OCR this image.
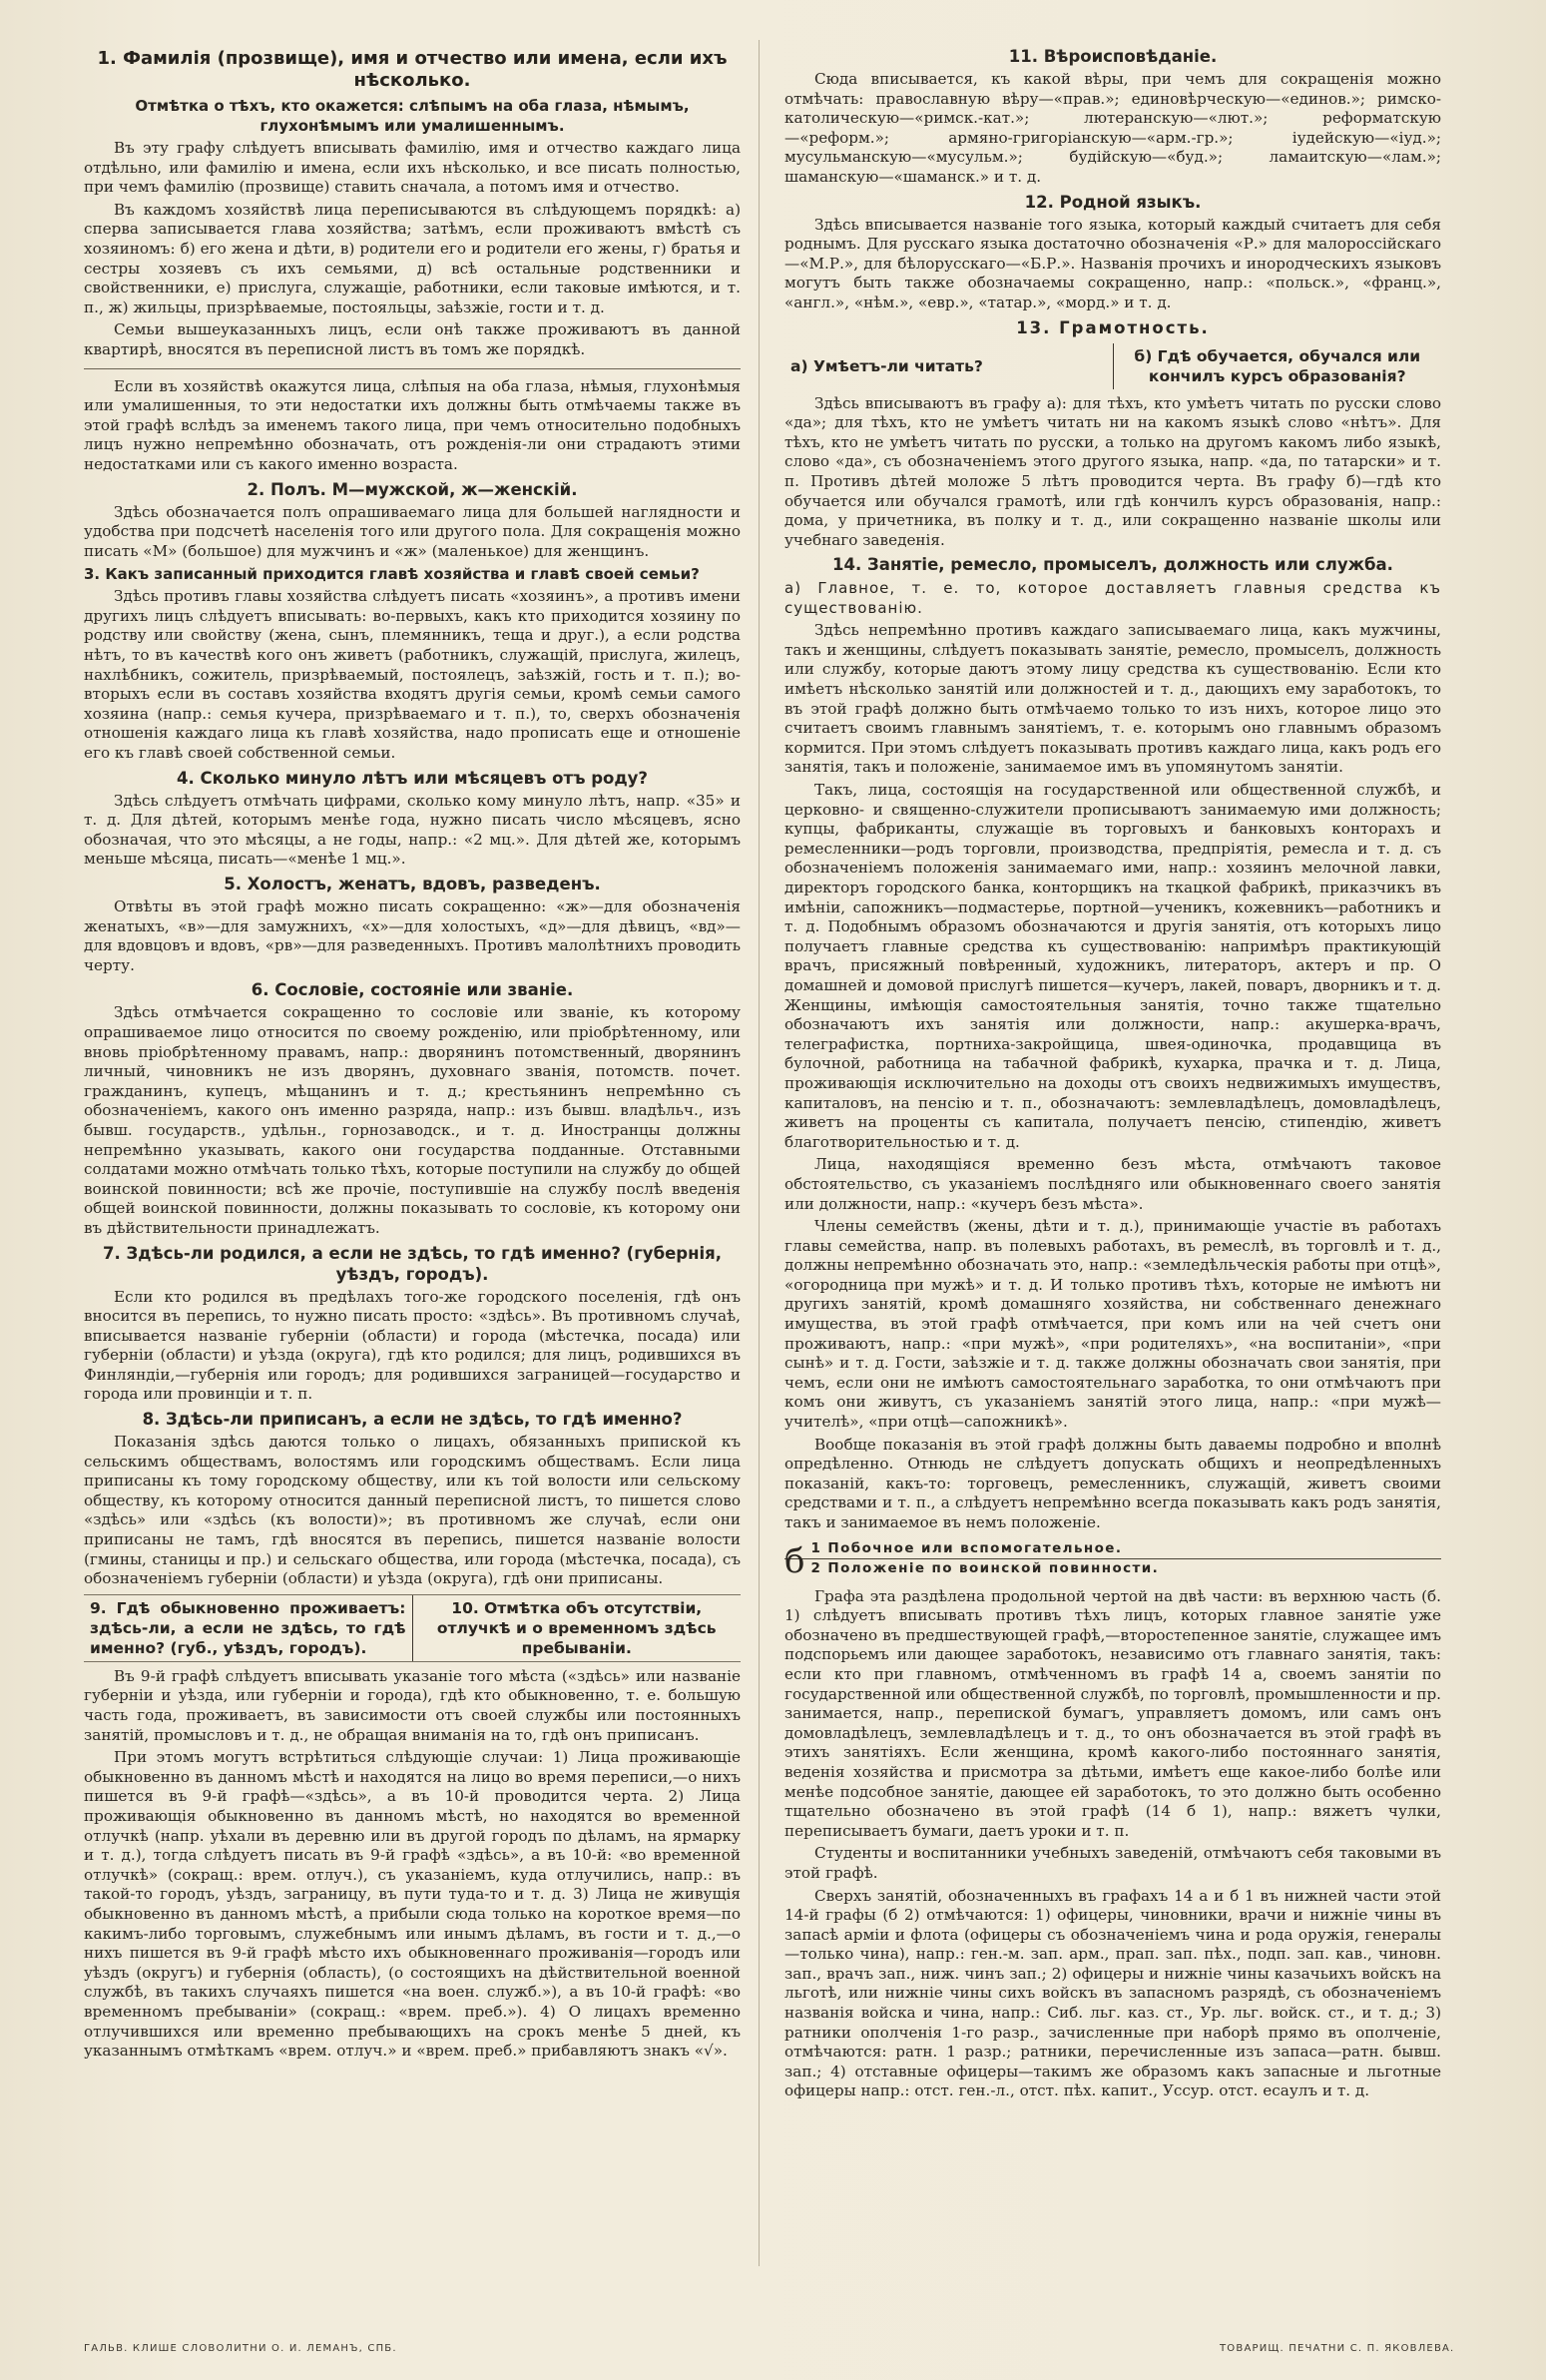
1. Фамилія (прозвище), имя и отчество или имена, если ихъ нѣсколько.
Отмѣтка о тѣхъ, кто окажется: слѣпымъ на оба глаза, нѣмымъ, глухонѣмымъ или умалишеннымъ.

Въ эту графу слѣдуетъ вписывать фамилію, имя и отчество каждаго лица отдѣльно, или фамилію и имена, если ихъ нѣсколько, и все писать полностью, при чемъ фамилію (прозвище) ставить сначала, а потомъ имя и отчество.

Въ каждомъ хозяйствѣ лица переписываются въ слѣдующемъ порядкѣ: а) сперва записывается глава хозяйства; затѣмъ, если проживаютъ вмѣстѣ съ хозяиномъ: б) его жена и дѣти, в) родители его и родители его жены, г) братья и сестры хозяевъ съ ихъ семьями, д) всѣ остальные родственники и свойственники, е) прислуга, служащіе, работники, если таковые имѣются, и т. п., ж) жильцы, призрѣваемые, постояльцы, заѣзжіе, гости и т. д.

Семьи вышеуказанныхъ лицъ, если онѣ также проживаютъ въ данной квартирѣ, вносятся въ переписной листъ въ томъ же порядкѣ.

Если въ хозяйствѣ окажутся лица, слѣпыя на оба глаза, нѣмыя, глухонѣмыя или умалишенныя, то эти недостатки ихъ должны быть отмѣчаемы также въ этой графѣ вслѣдъ за именемъ такого лица, при чемъ относительно подобныхъ лицъ нужно непремѣнно обозначать, отъ рожденія-ли они страдаютъ этими недостатками или съ какого именно возраста.

2. Полъ. М—мужской, ж—женскій.

Здѣсь обозначается полъ опрашиваемаго лица для большей наглядности и удобства при подсчетѣ населенія того или другого пола. Для сокращенія можно писать «М» (большое) для мужчинъ и «ж» (маленькое) для женщинъ.

3. Какъ записанный приходится главѣ хозяйства и главѣ своей семьи?

Здѣсь противъ главы хозяйства слѣдуетъ писать «хозяинъ», а противъ имени другихъ лицъ слѣдуетъ вписывать: во-первыхъ, какъ кто приходится хозяину по родству или свойству (жена, сынъ, племянникъ, теща и друг.), а если родства нѣтъ, то въ качествѣ кого онъ живетъ (работникъ, служащій, прислуга, жилецъ, нахлѣбникъ, сожитель, призрѣваемый, постоялецъ, заѣзжій, гость и т. п.); во-вторыхъ если въ составъ хозяйства входятъ другія семьи, кромѣ семьи самого хозяина (напр.: семья кучера, призрѣваемаго и т. п.), то, сверхъ обозначенія отношенія каждаго лица къ главѣ хозяйства, надо прописать еще и отношеніе его къ главѣ своей собственной семьи.

4. Сколько минуло лѣтъ или мѣсяцевъ отъ роду?

Здѣсь слѣдуетъ отмѣчать цифрами, сколько кому минуло лѣтъ, напр. «35» и т. д. Для дѣтей, которымъ менѣе года, нужно писать число мѣсяцевъ, ясно обозначая, что это мѣсяцы, а не годы, напр.: «2 мц.». Для дѣтей же, которымъ меньше мѣсяца, писать—«менѣе 1 мц.».

5. Холостъ, женатъ, вдовъ, разведенъ.

Отвѣты въ этой графѣ можно писать сокращенно: «ж»—для обозначенія женатыхъ, «в»—для замужнихъ, «х»—для холостыхъ, «д»—для дѣвицъ, «вд»—для вдовцовъ и вдовъ, «рв»—для разведенныхъ. Противъ малолѣтнихъ проводить черту.

6. Сословіе, состояніе или званіе.

Здѣсь отмѣчается сокращенно то сословіе или званіе, къ которому опрашиваемое лицо относится по своему рожденію, или пріобрѣтенному, или вновь пріобрѣтенному правамъ, напр.: дворянинъ потомственный, дворянинъ личный, чиновникъ не изъ дворянъ, духовнаго званія, потомств. почет. гражданинъ, купецъ, мѣщанинъ и т. д.; крестьянинъ непремѣнно съ обозначеніемъ, какого онъ именно разряда, напр.: изъ бывш. владѣльч., изъ бывш. государств., удѣльн., горнозаводск., и т. д. Иностранцы должны непремѣнно указывать, какого они государства подданные. Отставными солдатами можно отмѣчать только тѣхъ, которые поступили на службу до общей воинской повинности; всѣ же прочіе, поступившіе на службу послѣ введенія общей воинской повинности, должны показывать то сословіе, къ которому они въ дѣйствительности принадлежатъ.

7. Здѣсь-ли родился, а если не здѣсь, то гдѣ именно? (губернія, уѣздъ, городъ).

Если кто родился въ предѣлахъ того-же городского поселенія, гдѣ онъ вносится въ перепись, то нужно писать просто: «здѣсь». Въ противномъ случаѣ, вписывается названіе губерніи (области) и города (мѣстечка, посада) или губерніи (области) и уѣзда (округа), гдѣ кто родился; для лицъ, родившихся въ Финляндіи,—губернія или городъ; для родившихся заграницей—государство и города или провинціи и т. п.

8. Здѣсь-ли приписанъ, а если не здѣсь, то гдѣ именно?

Показанія здѣсь даются только о лицахъ, обязанныхъ припиской къ сельскимъ обществамъ, волостямъ или городскимъ обществамъ. Если лица приписаны къ тому городскому обществу, или къ той волости или сельскому обществу, къ которому относится данный переписной листъ, то пишется слово «здѣсь» или «здѣсь (къ волости)»; въ противномъ же случаѣ, если они приписаны не тамъ, гдѣ вносятся въ перепись, пишется названіе волости (гмины, станицы и пр.) и сельскаго общества, или города (мѣстечка, посада), съ обозначеніемъ губерніи (области) и уѣзда (округа), гдѣ они приписаны.

9. Гдѣ обыкновенно проживаетъ: здѣсь-ли, а если не здѣсь, то гдѣ именно? (губ., уѣздъ, городъ).
10. Отмѣтка объ отсутствіи, отлучкѣ и о временномъ здѣсь пребываніи.

Въ 9-й графѣ слѣдуетъ вписывать указаніе того мѣста («здѣсь» или названіе губерніи и уѣзда, или губерніи и города), гдѣ кто обыкновенно, т. е. большую часть года, проживаетъ, въ зависимости отъ своей службы или постоянныхъ занятій, промысловъ и т. д., не обращая вниманія на то, гдѣ онъ приписанъ.

При этомъ могутъ встрѣтиться слѣдующіе случаи: 1) Лица проживающіе обыкновенно въ данномъ мѣстѣ и находятся на лицо во время переписи,—о нихъ пишется въ 9-й графѣ—«здѣсь», а въ 10-й проводится черта. 2) Лица проживающія обыкновенно въ данномъ мѣстѣ, но находятся во временной отлучкѣ (напр. уѣхали въ деревню или въ другой городъ по дѣламъ, на ярмарку и т. д.), тогда слѣдуетъ писать въ 9-й графѣ «здѣсь», а въ 10-й: «во временной отлучкѣ» (сокращ.: врем. отлуч.), съ указаніемъ, куда отлучились, напр.: въ такой-то городъ, уѣздъ, заграницу, въ пути туда-то и т. д. 3) Лица не живущія обыкновенно въ данномъ мѣстѣ, а прибыли сюда только на короткое время—по какимъ-либо торговымъ, служебнымъ или инымъ дѣламъ, въ гости и т. д.,—о нихъ пишется въ 9-й графѣ мѣсто ихъ обыкновеннаго проживанія—городъ или уѣздъ (округъ) и губернія (область), (о состоящихъ на дѣйствительной военной службѣ, въ такихъ случаяхъ пишется «на воен. служб.»), а въ 10-й графѣ: «во временномъ пребываніи» (сокращ.: «врем. преб.»). 4) О лицахъ временно отлучившихся или временно пребывающихъ на срокъ менѣе 5 дней, къ указаннымъ отмѣткамъ «врем. отлуч.» и «врем. преб.» прибавляютъ знакъ «√».

11. Вѣроисповѣданіе.

Сюда вписывается, къ какой вѣры, при чемъ для сокращенія можно отмѣчать: православную вѣру—«прав.»; единовѣрческую—«единов.»; римско-католическую—«римск.-кат.»; лютеранскую—«лют.»; реформатскую—«реформ.»; армяно-григоріанскую—«арм.-гр.»; іудейскую—«іуд.»; мусульманскую—«мусульм.»; будійскую—«буд.»; ламаитскую—«лам.»; шаманскую—«шаманск.» и т. д.

12. Родной языкъ.

Здѣсь вписывается названіе того языка, который каждый считаетъ для себя роднымъ. Для русскаго языка достаточно обозначенія «Р.» для малороссійскаго—«М.Р.», для бѣлорусскаго—«Б.Р.». Названія прочихъ и инородческихъ языковъ могутъ быть также обозначаемы сокращенно, напр.: «польск.», «франц.», «англ.», «нѣм.», «евр.», «татар.», «морд.» и т. д.

13. Грамотность.
а) Умѣетъ-ли читать?
б) Гдѣ обучается, обучался или кончилъ курсъ образованія?

Здѣсь вписываютъ въ графу а): для тѣхъ, кто умѣетъ читать по русски слово «да»; для тѣхъ, кто не умѣетъ читать ни на какомъ языкѣ слово «нѣтъ». Для тѣхъ, кто не умѣетъ читать по русски, а только на другомъ какомъ либо языкѣ, слово «да», съ обозначеніемъ этого другого языка, напр. «да, по татарски» и т. п. Противъ дѣтей моложе 5 лѣтъ проводится черта. Въ графу б)—гдѣ кто обучается или обучался грамотѣ, или гдѣ кончилъ курсъ образованія, напр.: дома, у причетника, въ полку и т. д., или сокращенно названіе школы или учебнаго заведенія.

14. Занятіе, ремесло, промыселъ, должность или служба.
а) Главное, т. е. то, которое доставляетъ главныя средства къ существованію.

Здѣсь непремѣнно противъ каждаго записываемаго лица, какъ мужчины, такъ и женщины, слѣдуетъ показывать занятіе, ремесло, промыселъ, должность или службу, которые даютъ этому лицу средства къ существованію. Если кто имѣетъ нѣсколько занятій или должностей и т. д., дающихъ ему заработокъ, то въ этой графѣ должно быть отмѣчаемо только то изъ нихъ, которое лицо это считаетъ своимъ главнымъ занятіемъ, т. е. которымъ оно главнымъ образомъ кормится. При этомъ слѣдуетъ показывать противъ каждаго лица, какъ родъ его занятія, такъ и положеніе, занимаемое имъ въ упомянутомъ занятіи.

Такъ, лица, состоящія на государственной или общественной службѣ, и церковно- и священно-служители прописываютъ занимаемую ими должность; купцы, фабриканты, служащіе въ торговыхъ и банковыхъ конторахъ и ремесленники—родъ торговли, производства, предпріятія, ремесла и т. д. съ обозначеніемъ положенія занимаемаго ими, напр.: хозяинъ мелочной лавки, директоръ городского банка, конторщикъ на ткацкой фабрикѣ, приказчикъ въ имѣніи, сапожникъ—подмастерье, портной—ученикъ, кожевникъ—работникъ и т. д. Подобнымъ образомъ обозначаются и другія занятія, отъ которыхъ лицо получаетъ главные средства къ существованію: напримѣръ практикующій врачъ, присяжный повѣренный, художникъ, литераторъ, актеръ и пр. О домашней и домовой прислугѣ пишется—кучеръ, лакей, поваръ, дворникъ и т. д. Женщины, имѣющія самостоятельныя занятія, точно также тщательно обозначаютъ ихъ занятія или должности, напр.: акушерка-врачъ, телеграфистка, портниха-закройщица, швея-одиночка, продавщица въ булочной, работница на табачной фабрикѣ, кухарка, прачка и т. д. Лица, проживающія исключительно на доходы отъ своихъ недвижимыхъ имуществъ, капиталовъ, на пенсію и т. п., обозначаютъ: землевладѣлецъ, домовладѣлецъ, живетъ на проценты съ капитала, получаетъ пенсію, стипендію, живетъ благотворительностью и т. д.

Лица, находящіяся временно безъ мѣста, отмѣчаютъ таковое обстоятельство, съ указаніемъ послѣдняго или обыкновеннаго своего занятія или должности, напр.: «кучеръ безъ мѣста».

Члены семействъ (жены, дѣти и т. д.), принимающіе участіе въ работахъ главы семейства, напр. въ полевыхъ работахъ, въ ремеслѣ, въ торговлѣ и т. д., должны непремѣнно обозначать это, напр.: «земледѣльческія работы при отцѣ», «огородница при мужѣ» и т. д. И только противъ тѣхъ, которые не имѣютъ ни другихъ занятій, кромѣ домашняго хозяйства, ни собственнаго денежнаго имущества, въ этой графѣ отмѣчается, при комъ или на чей счетъ они проживаютъ, напр.: «при мужѣ», «при родителяхъ», «на воспитаніи», «при сынѣ» и т. д. Гости, заѣзжіе и т. д. также должны обозначать свои занятія, при чемъ, если они не имѣютъ самостоятельнаго заработка, то они отмѣчаютъ при комъ они живутъ, съ указаніемъ занятій этого лица, напр.: «при мужѣ—учителѣ», «при отцѣ—сапожникѣ».

Вообще показанія въ этой графѣ должны быть даваемы подробно и вполнѣ опредѣленно. Отнюдь не слѣдуетъ допускать общихъ и неопредѣленныхъ показаній, какъ-то: торговецъ, ремесленникъ, служащій, живетъ своими средствами и т. п., а слѣдуетъ непремѣнно всегда показывать какъ родъ занятія, такъ и занимаемое въ немъ положеніе.

б 1 Побочное или вспомогательное.
2 Положеніе по воинской повинности.

Графа эта раздѣлена продольной чертой на двѣ части: въ верхнюю часть (б. 1) слѣдуетъ вписывать противъ тѣхъ лицъ, которых главное занятіе уже обозначено въ предшествующей графѣ,—второстепенное занятіе, служащее имъ подспорьемъ или дающее заработокъ, независимо отъ главнаго занятія, такъ: если кто при главномъ, отмѣченномъ въ графѣ 14 а, своемъ занятіи по государственной или общественной службѣ, по торговлѣ, промышленности и пр. занимается, напр., перепиской бумагъ, управляетъ домомъ, или самъ онъ домовладѣлецъ, землевладѣлецъ и т. д., то онъ обозначается въ этой графѣ въ этихъ занятіяхъ. Если женщина, кромѣ какого-либо постояннаго занятія, веденія хозяйства и присмотра за дѣтьми, имѣетъ еще какое-либо болѣе или менѣе подсобное занятіе, дающее ей заработокъ, то это должно быть особенно тщательно обозначено въ этой графѣ (14 б 1), напр.: вяжетъ чулки, переписываетъ бумаги, даетъ уроки и т. п.

Студенты и воспитанники учебныхъ заведеній, отмѣчаютъ себя таковыми въ этой графѣ.

Сверхъ занятій, обозначенныхъ въ графахъ 14 а и б 1 въ нижней части этой 14-й графы (б 2) отмѣчаются: 1) офицеры, чиновники, врачи и нижніе чины въ запасѣ арміи и флота (офицеры съ обозначеніемъ чина и рода оружія, генералы—только чина), напр.: ген.-м. зап. арм., прап. зап. пѣх., подп. зап. кав., чиновн. зап., врачъ зап., ниж. чинъ зап.; 2) офицеры и нижніе чины казачьихъ войскъ на льготѣ, или нижніе чины сихъ войскъ въ запасномъ разрядѣ, съ обозначеніемъ названія войска и чина, напр.: Сиб. льг. каз. ст., Ур. льг. войск. ст., и т. д.; 3) ратники ополченія 1-го разр., зачисленные при наборѣ прямо въ ополченіе, отмѣчаются: ратн. 1 разр.; ратники, перечисленные изъ запаса—ратн. бывш. зап.; 4) отставные офицеры—такимъ же образомъ какъ запасные и льготные офицеры напр.: отст. ген.-л., отст. пѣх. капит., Уссур. отст. есаулъ и т. д.

ГАЛЬВ. КЛИШЕ СЛОВОЛИТНИ О. И. ЛЕМАНЪ, СПБ.	ТОВАРИЩ. ПЕЧАТНИ С. П. ЯКОВЛЕВА.
